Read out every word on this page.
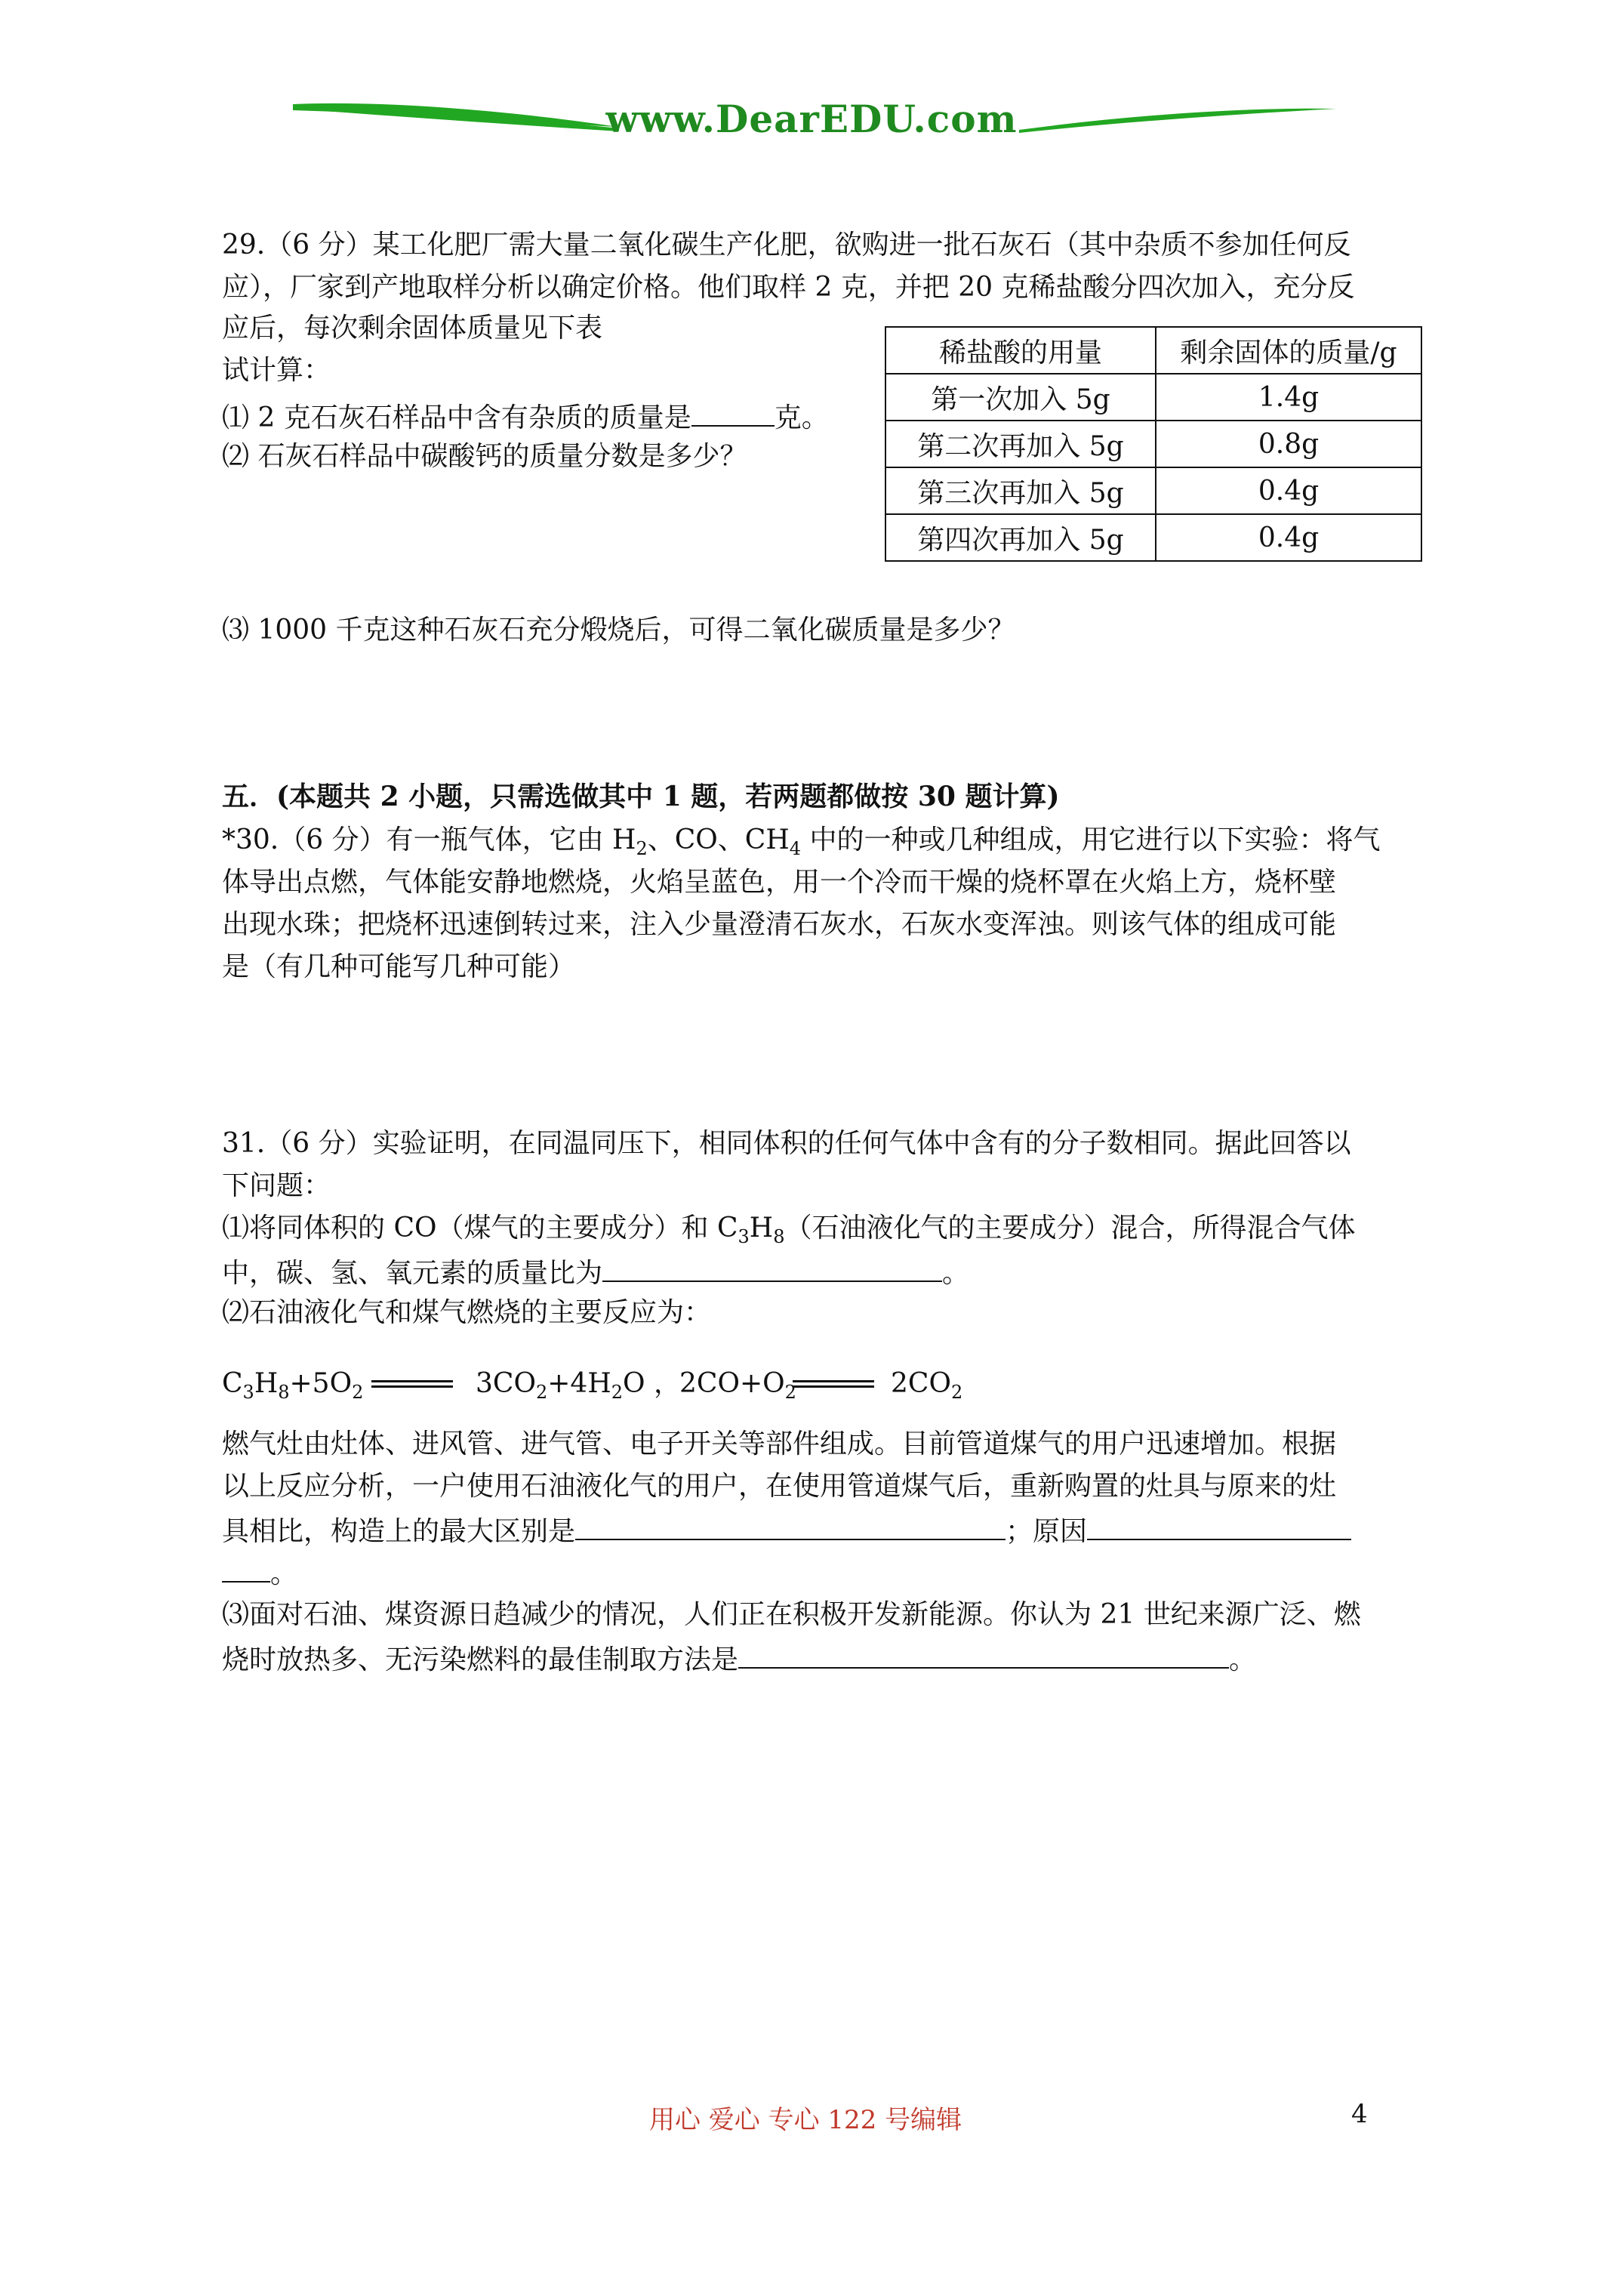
www.DearEDU.com
29.（6 分）某工化肥厂需大量二氧化碳生产化肥，欲购进一批石灰石（其中杂质不参加任何反
应），厂家到产地取样分析以确定价格。他们取样 2 克，并把 20 克稀盐酸分四次加入，充分反
应后，每次剩余固体质量见下表
试计算：
⑴ 2 克石灰石样品中含有杂质的质量是	克。
⑵ 石灰石样品中碳酸钙的质量分数是多少？
稀盐酸的用量	剩余固体的质量/g
第一次加入 5g	1.4g
第二次再加入 5g	0.8g
第三次再加入 5g	0.4g
第四次再加入 5g	0.4g
⑶ 1000 千克这种石灰石充分煅烧后，可得二氧化碳质量是多少？
五．(本题共 2 小题，只需选做其中 1 题，若两题都做按 30 题计算)
*30.（6 分）有一瓶气体，它由 $H_2$、CO、$CH_4$ 中的一种或几种组成，用它进行以下实验：将气
体导出点燃，气体能安静地燃烧，火焰呈蓝色，用一个冷而干燥的烧杯罩在火焰上方，烧杯壁
出现水珠；把烧杯迅速倒转过来，注入少量澄清石灰水，石灰水变浑浊。则该气体的组成可能
是（有几种可能写几种可能）
31.（6 分）实验证明，在同温同压下，相同体积的任何气体中含有的分子数相同。据此回答以
下问题：
⑴将同体积的 CO（煤气的主要成分）和 $C_3H_8$（石油液化气的主要成分）混合，所得混合气体
中，碳、氢、氧元素的质量比为	。
⑵石油液化气和煤气燃烧的主要反应为：
$C_3H_8+5O_2$	$3CO_2+4H_2O$ ，
$2CO+O_2$	$2CO_2$
燃气灶由灶体、进风管、进气管、电子开关等部件组成。目前管道煤气的用户迅速增加。根据
以上反应分析，一户使用石油液化气的用户，在使用管道煤气后，重新购置的灶具与原来的灶
具相比，构造上的最大区别是	；原因
。
⑶面对石油、煤资源日趋减少的情况，人们正在积极开发新能源。你认为 21 世纪来源广泛、燃
烧时放热多、无污染燃料的最佳制取方法是	。
用心 爱心 专心 122 号编辑	4
